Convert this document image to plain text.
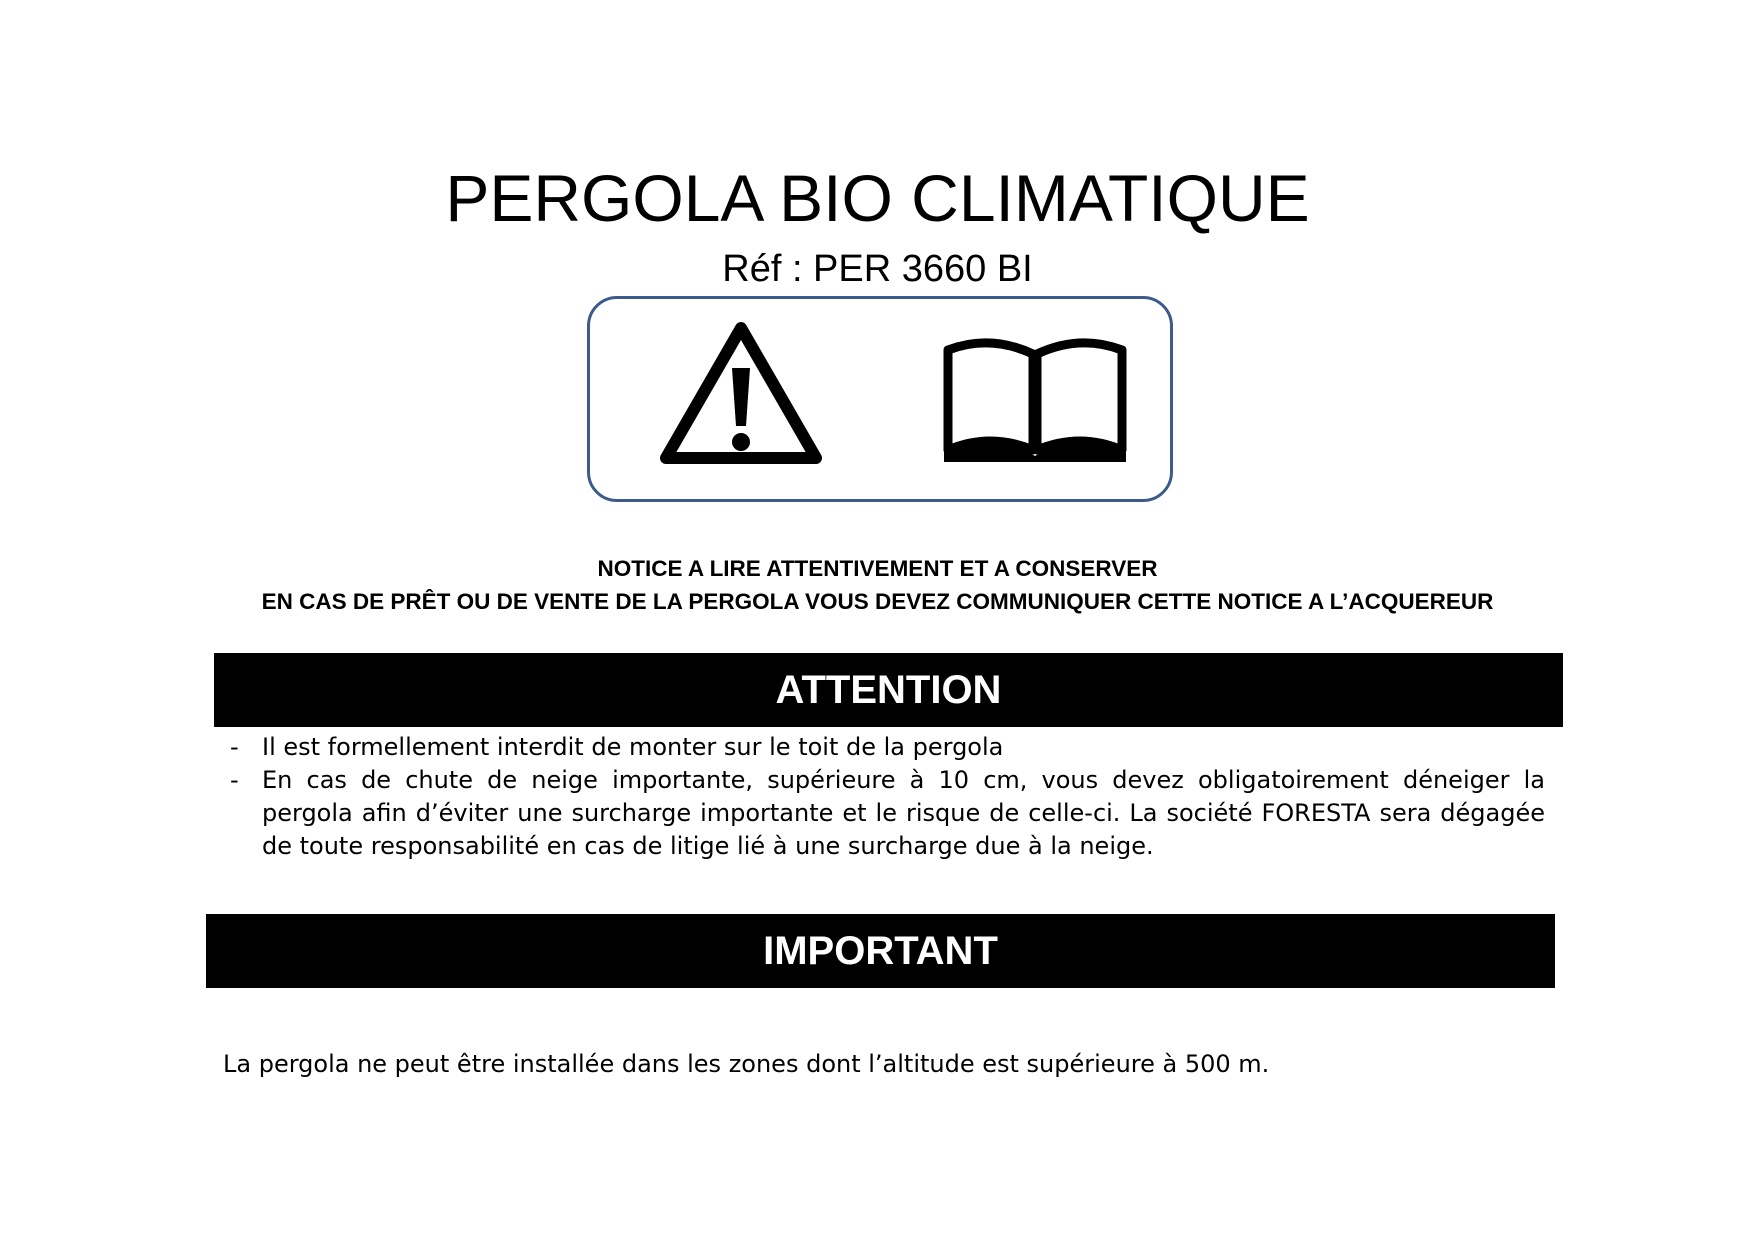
PERGOLA BIO CLIMATIQUE
Réf : PER 3660 BI
NOTICE A LIRE ATTENTIVEMENT ET A CONSERVER
EN CAS DE PRÊT OU DE VENTE DE LA PERGOLA VOUS DEVEZ COMMUNIQUER CETTE NOTICE A L’ACQUEREUR
ATTENTION
- Il est formellement interdit de monter sur le toit de la pergola
- En cas de chute de neige importante, supérieure à 10 cm, vous devez obligatoirement déneiger la pergola afin d’éviter une surcharge importante et le risque de celle-ci. La société FORESTA sera dégagée de toute responsabilité en cas de litige lié à une surcharge due à la neige.
IMPORTANT
La pergola ne peut être installée dans les zones dont l’altitude est supérieure à 500 m.
